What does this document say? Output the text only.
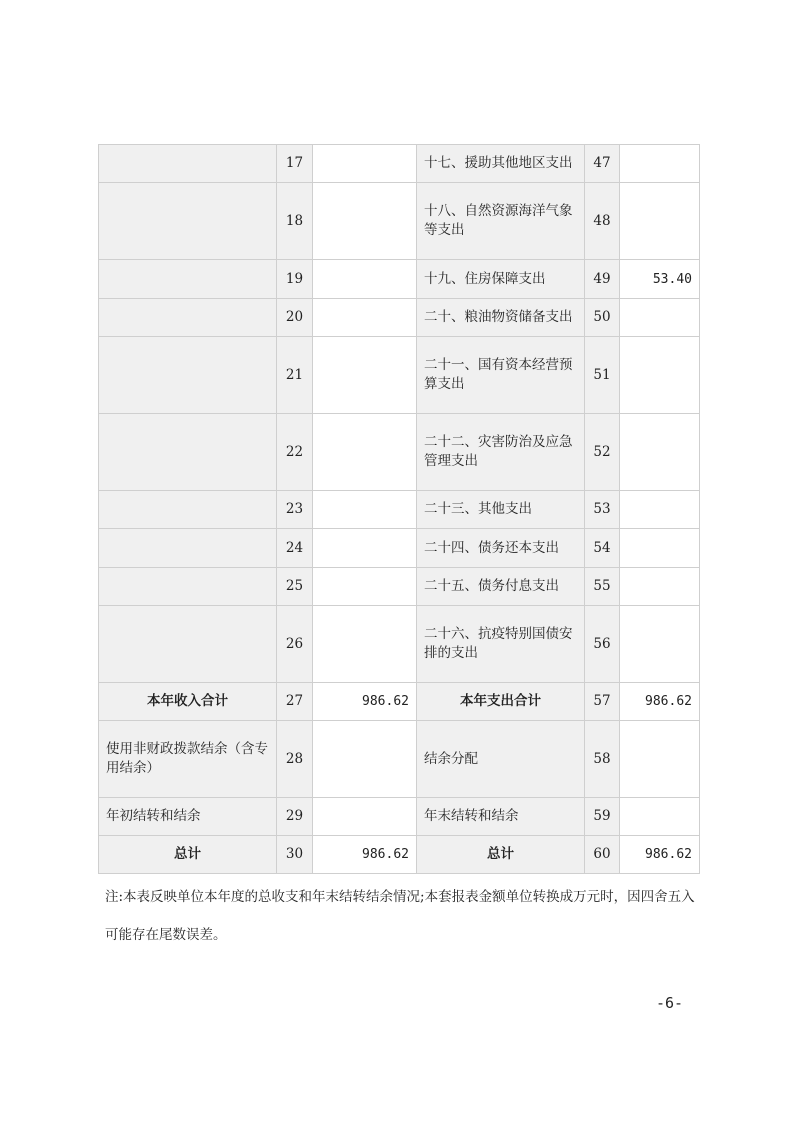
	17		十七、援助其他地区支出	47	
	18		十八、自然资源海洋气象等支出	48	
	19		十九、住房保障支出	49	53.40
	20		二十、粮油物资储备支出	50	
	21		二十一、国有资本经营预算支出	51	
	22		二十二、灾害防治及应急管理支出	52	
	23		二十三、其他支出	53	
	24		二十四、债务还本支出	54	
	25		二十五、债务付息支出	55	
	26		二十六、抗疫特别国债安排的支出	56	
本年收入合计	27	986.62	本年支出合计	57	986.62
使用非财政拨款结余（含专用结余）	28		结余分配	58	
年初结转和结余	29		年末结转和结余	59	
总计	30	986.62	总计	60	986.62

注:本表反映单位本年度的总收支和年末结转结余情况;本套报表金额单位转换成万元时，因四舍五入可能存在尾数误差。

-6-
